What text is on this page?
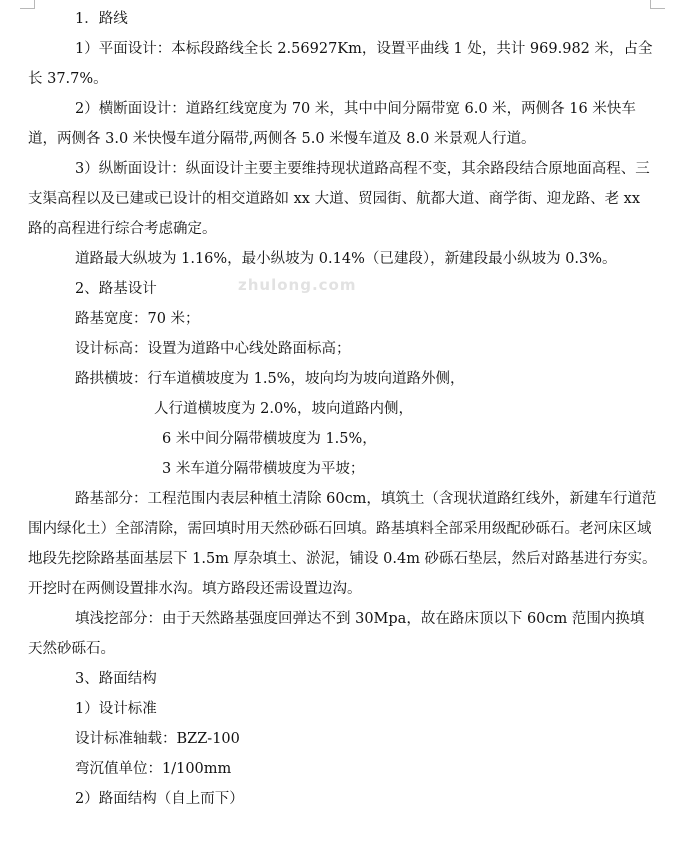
zhulong.com

1．路线

1）平面设计：本标段路线全长 2.56927Km，设置平曲线 1 处，共计 969.982 米，占全长 37.7%。

2）横断面设计：道路红线宽度为 70 米，其中中间分隔带宽 6.0 米，两侧各 16 米快车道，两侧各 3.0 米快慢车道分隔带,两侧各 5.0 米慢车道及 8.0 米景观人行道。

3）纵断面设计：纵面设计主要主要维持现状道路高程不变，其余路段结合原地面高程、三支渠高程以及已建或已设计的相交道路如 xx 大道、贸园街、航都大道、商学街、迎龙路、老 xx 路的高程进行综合考虑确定。

道路最大纵坡为 1.16%，最小纵坡为 0.14%（已建段），新建段最小纵坡为 0.3%。

2、路基设计

路基宽度：70 米；

设计标高：设置为道路中心线处路面标高；

路拱横坡：行车道横坡度为 1.5%，坡向均为坡向道路外侧，

人行道横坡度为 2.0%，坡向道路内侧，

6 米中间分隔带横坡度为 1.5%，

3 米车道分隔带横坡度为平坡；

路基部分：工程范围内表层种植土清除 60cm，填筑土（含现状道路红线外，新建车行道范围内绿化土）全部清除，需回填时用天然砂砾石回填。路基填料全部采用级配砂砾石。老河床区域地段先挖除路基面基层下 1.5m 厚杂填土、淤泥，铺设 0.4m 砂砾石垫层，然后对路基进行夯实。开挖时在两侧设置排水沟。填方路段还需设置边沟。

填浅挖部分：由于天然路基强度回弹达不到 30Mpa，故在路床顶以下 60cm 范围内换填天然砂砾石。

3、路面结构

1）设计标准

设计标准轴载：BZZ-100

弯沉值单位：1/100mm

2）路面结构（自上而下）
